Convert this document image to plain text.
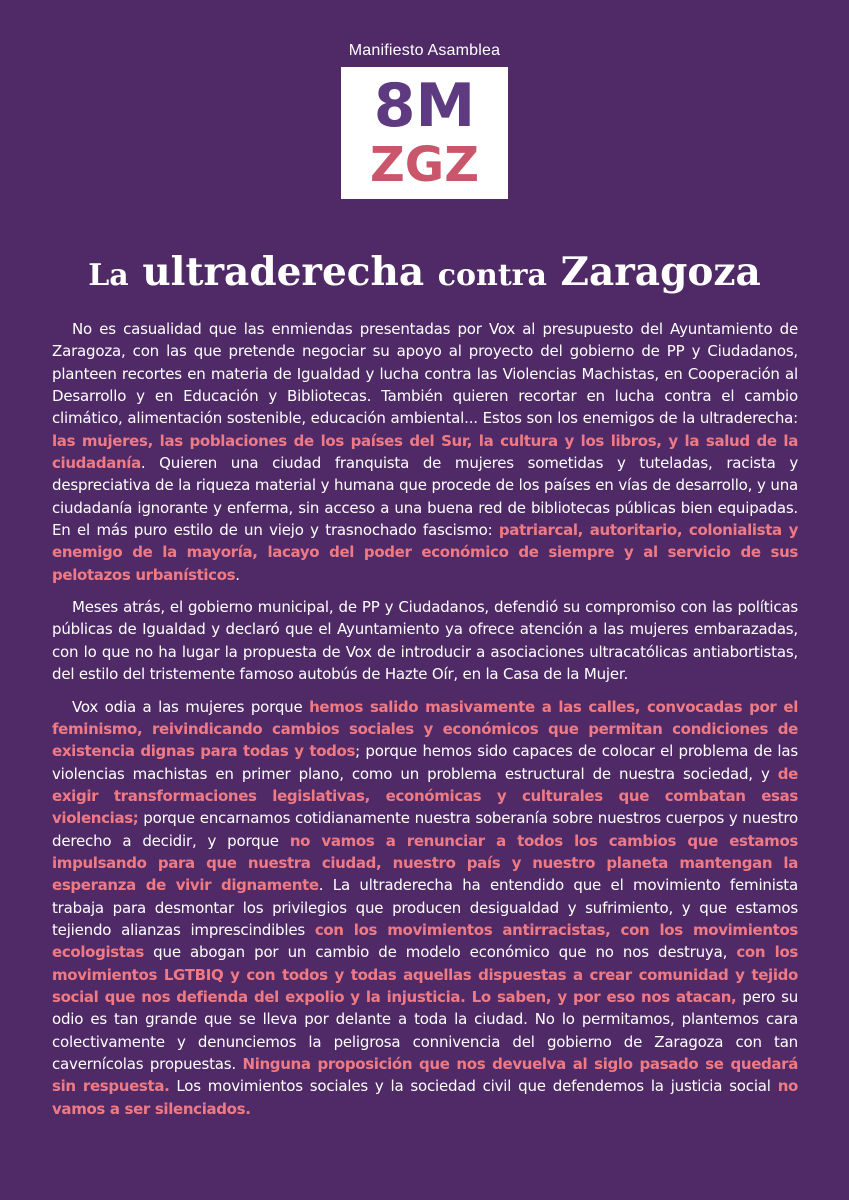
Manifiesto Asamblea
8M
ZGZ
La ultraderecha contra Zaragoza

No es casualidad que las enmiendas presentadas por Vox al presupuesto del Ayuntamiento de Zaragoza, con las que pretende negociar su apoyo al proyecto del gobierno de PP y Ciudadanos, planteen recortes en materia de Igualdad y lucha contra las Violencias Machistas, en Cooperación al Desarrollo y en Educación y Bibliotecas. También quieren recortar en lucha contra el cambio climático, alimentación sostenible, educación ambiental... Estos son los enemigos de la ultraderecha: las mujeres, las poblaciones de los países del Sur, la cultura y los libros, y la salud de la ciudadanía. Quieren una ciudad franquista de mujeres sometidas y tuteladas, racista y despreciativa de la riqueza material y humana que procede de los países en vías de desarrollo, y una ciudadanía ignorante y enferma, sin acceso a una buena red de bibliotecas públicas bien equipadas. En el más puro estilo de un viejo y trasnochado fascismo: patriarcal, autoritario, colonialista y enemigo de la mayoría, lacayo del poder económico de siempre y al servicio de sus pelotazos urbanísticos.

Meses atrás, el gobierno municipal, de PP y Ciudadanos, defendió su compromiso con las políticas públicas de Igualdad y declaró que el Ayuntamiento ya ofrece atención a las mujeres embarazadas, con lo que no ha lugar la propuesta de Vox de introducir a asociaciones ultracatólicas antiabortistas, del estilo del tristemente famoso autobús de Hazte Oír, en la Casa de la Mujer.

Vox odia a las mujeres porque hemos salido masivamente a las calles, convocadas por el feminismo, reivindicando cambios sociales y económicos que permitan condiciones de existencia dignas para todas y todos; porque hemos sido capaces de colocar el problema de las violencias machistas en primer plano, como un problema estructural de nuestra sociedad, y de exigir transformaciones legislativas, económicas y culturales que combatan esas violencias; porque encarnamos cotidianamente nuestra soberanía sobre nuestros cuerpos y nuestro derecho a decidir, y porque no vamos a renunciar a todos los cambios que estamos impulsando para que nuestra ciudad, nuestro país y nuestro planeta mantengan la esperanza de vivir dignamente. La ultraderecha ha entendido que el movimiento feminista trabaja para desmontar los privilegios que producen desigualdad y sufrimiento, y que estamos tejiendo alianzas imprescindibles con los movimientos antirracistas, con los movimientos ecologistas que abogan por un cambio de modelo económico que no nos destruya, con los movimientos LGTBIQ y con todos y todas aquellas dispuestas a crear comunidad y tejido social que nos defienda del expolio y la injusticia. Lo saben, y por eso nos atacan, pero su odio es tan grande que se lleva por delante a toda la ciudad. No lo permitamos, plantemos cara colectivamente y denunciemos la peligrosa connivencia del gobierno de Zaragoza con tan cavernícolas propuestas. Ninguna proposición que nos devuelva al siglo pasado se quedará sin respuesta. Los movimientos sociales y la sociedad civil que defendemos la justicia social no vamos a ser silenciados.
